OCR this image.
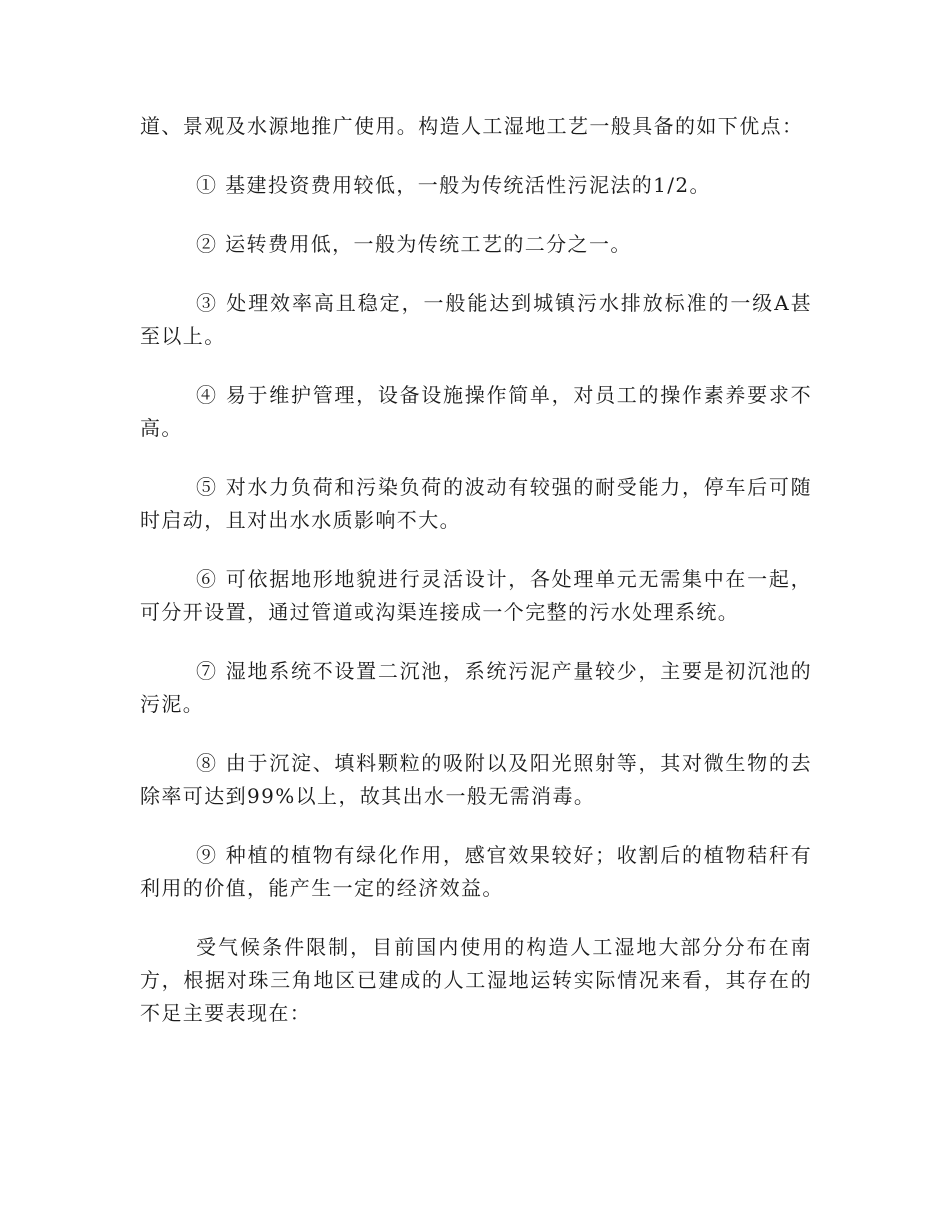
道、景观及水源地推广使用。构造人工湿地工艺一般具备的如下优点：

① 基建投资费用较低，一般为传统活性污泥法的1/2。

② 运转费用低，一般为传统工艺的二分之一。

③ 处理效率高且稳定，一般能达到城镇污水排放标准的一级A甚至以上。

④ 易于维护管理，设备设施操作简单，对员工的操作素养要求不高。

⑤ 对水力负荷和污染负荷的波动有较强的耐受能力，停车后可随时启动，且对出水水质影响不大。

⑥ 可依据地形地貌进行灵活设计，各处理单元无需集中在一起，可分开设置，通过管道或沟渠连接成一个完整的污水处理系统。

⑦ 湿地系统不设置二沉池，系统污泥产量较少，主要是初沉池的污泥。

⑧ 由于沉淀、填料颗粒的吸附以及阳光照射等，其对微生物的去除率可达到99%以上，故其出水一般无需消毒。

⑨ 种植的植物有绿化作用，感官效果较好；收割后的植物秸秆有利用的价值，能产生一定的经济效益。

受气候条件限制，目前国内使用的构造人工湿地大部分分布在南方，根据对珠三角地区已建成的人工湿地运转实际情况来看，其存在的不足主要表现在：
